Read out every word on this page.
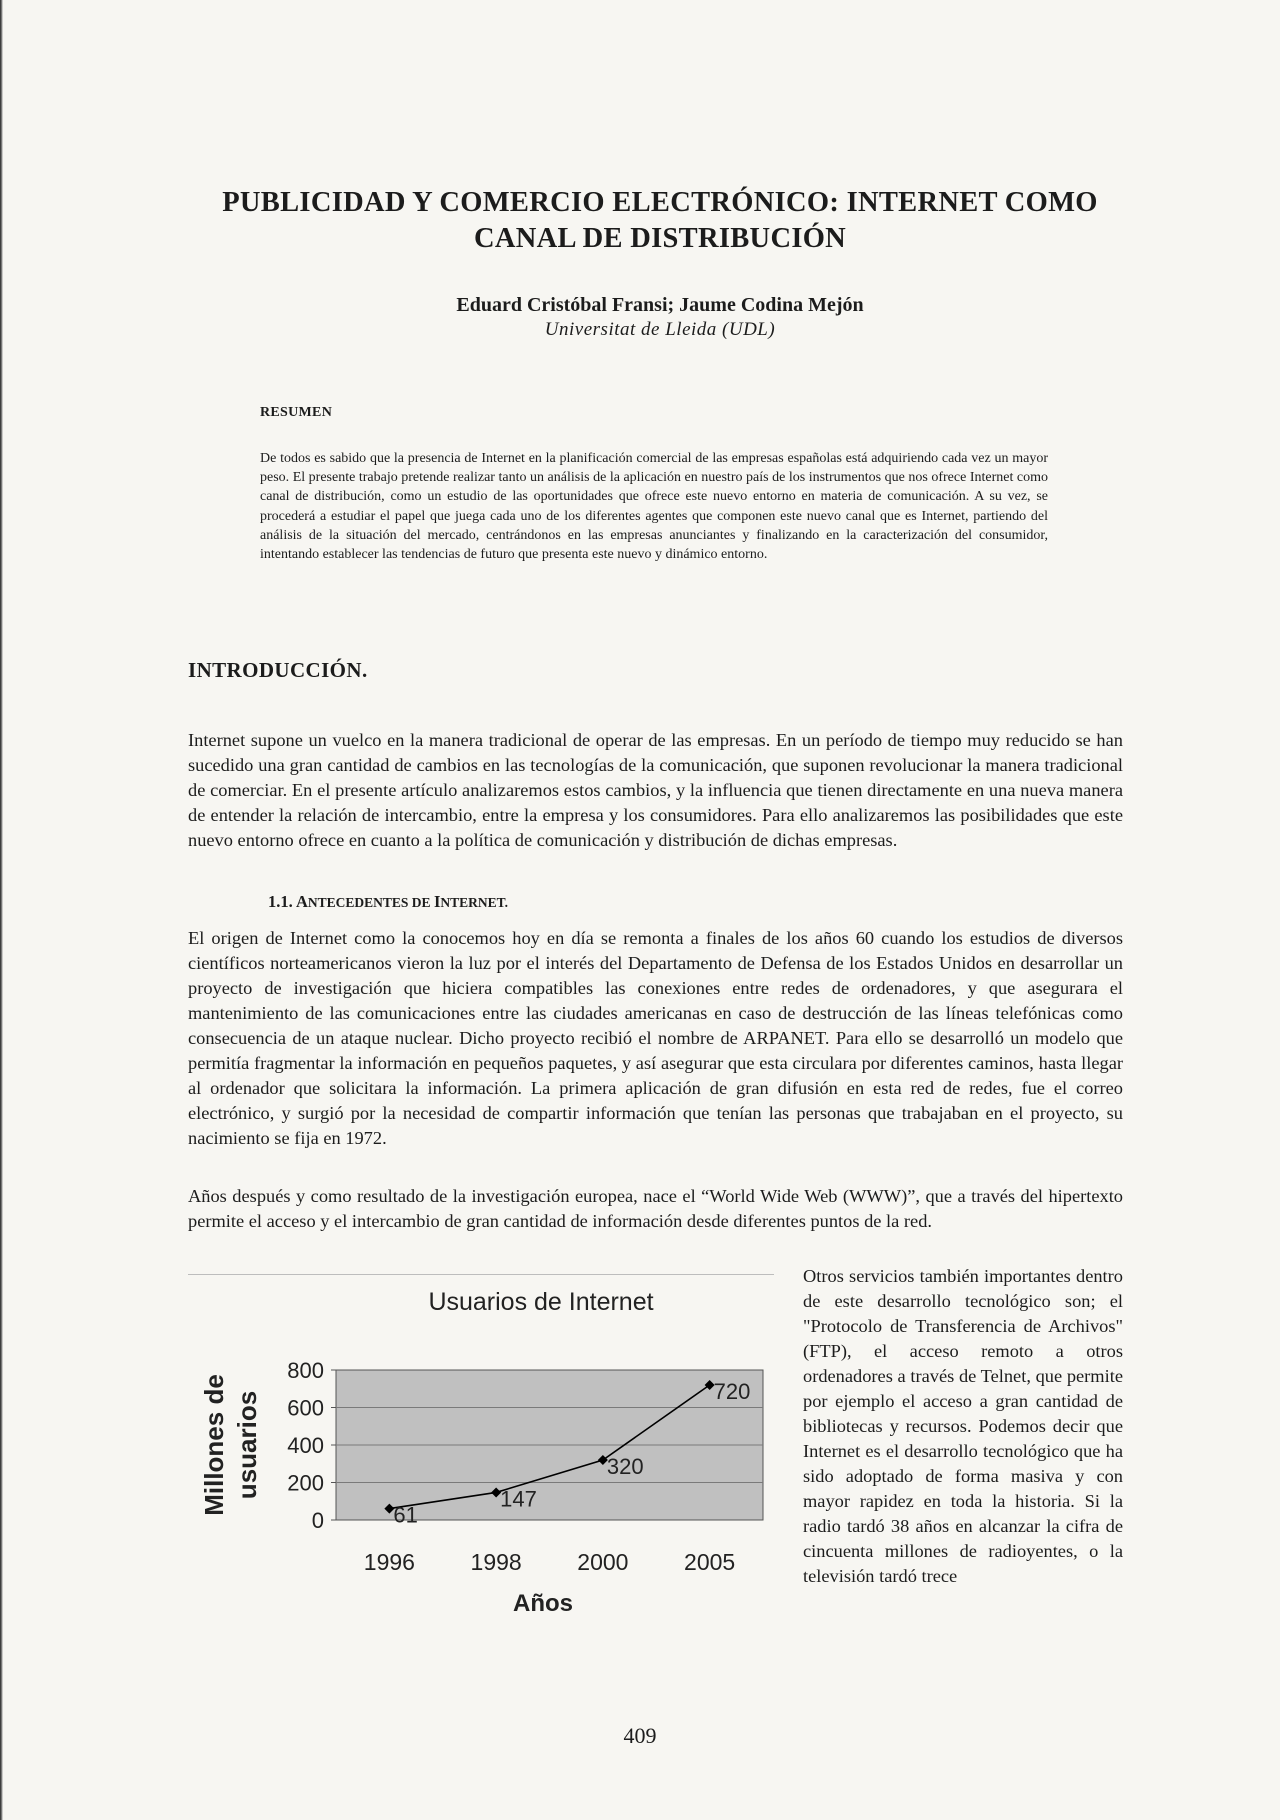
PUBLICIDAD Y COMERCIO ELECTRÓNICO: INTERNET COMO
CANAL DE DISTRIBUCIÓN
Eduard Cristóbal Fransi; Jaume Codina Mejón
Universitat de Lleida (UDL)
RESUMEN
De todos es sabido que la presencia de Internet en la planificación comercial de las empresas españolas está adquiriendo cada vez un mayor peso. El presente trabajo pretende realizar tanto un análisis de la aplicación en nuestro país de los instrumentos que nos ofrece Internet como canal de distribución, como un estudio de las oportunidades que ofrece este nuevo entorno en materia de comunicación. A su vez, se procederá a estudiar el papel que juega cada uno de los diferentes agentes que componen este nuevo canal que es Internet, partiendo del análisis de la situación del mercado, centrándonos en las empresas anunciantes y finalizando en la caracterización del consumidor, intentando establecer las tendencias de futuro que presenta este nuevo y dinámico entorno.
INTRODUCCIÓN.
Internet supone un vuelco en la manera tradicional de operar de las empresas. En un período de tiempo muy reducido se han sucedido una gran cantidad de cambios en las tecnologías de la comunicación, que suponen revolucionar la manera tradicional de comerciar. En el presente artículo analizaremos estos cambios, y la influencia que tienen directamente en una nueva manera de entender la relación de intercambio, entre la empresa y los consumidores. Para ello analizaremos las posibilidades que este nuevo entorno ofrece en cuanto a la política de comunicación y distribución de dichas empresas.
1.1. ANTECEDENTES DE INTERNET.
El origen de Internet como la conocemos hoy en día se remonta a finales de los años 60 cuando los estudios de diversos científicos norteamericanos vieron la luz por el interés del Departamento de Defensa de los Estados Unidos en desarrollar un proyecto de investigación que hiciera compatibles las conexiones entre redes de ordenadores, y que asegurara el mantenimiento de las comunicaciones entre las ciudades americanas en caso de destrucción de las líneas telefónicas como consecuencia de un ataque nuclear. Dicho proyecto recibió el nombre de ARPANET. Para ello se desarrolló un modelo que permitía fragmentar la información en pequeños paquetes, y así asegurar que esta circulara por diferentes caminos, hasta llegar al ordenador que solicitara la información. La primera aplicación de gran difusión en esta red de redes, fue el correo electrónico, y surgió por la necesidad de compartir información que tenían las personas que trabajaban en el proyecto, su nacimiento se fija en 1972.
Años después y como resultado de la investigación europea, nace el “World Wide Web (WWW)”, que a través del hipertexto permite el acceso y el intercambio de gran cantidad de información desde diferentes puntos de la red.
Otros servicios también importantes dentro de este desarrollo tecnológico son; el "Protocolo de Transferencia de Archivos" (FTP), el acceso remoto a otros ordenadores a través de Telnet, que permite por ejemplo el acceso a gran cantidad de bibliotecas y recursos. Podemos decir que Internet es el desarrollo tecnológico que ha sido adoptado de forma masiva y con mayor rapidez en toda la historia. Si la radio tardó 38 años en alcanzar la cifra de cincuenta millones de radioyentes, o la televisión tardó trece
Usuarios de Internet
0
200
400
600
800
1996 1998 2000 2005
61
147
320
720
Años
Millones de usuarios
409
